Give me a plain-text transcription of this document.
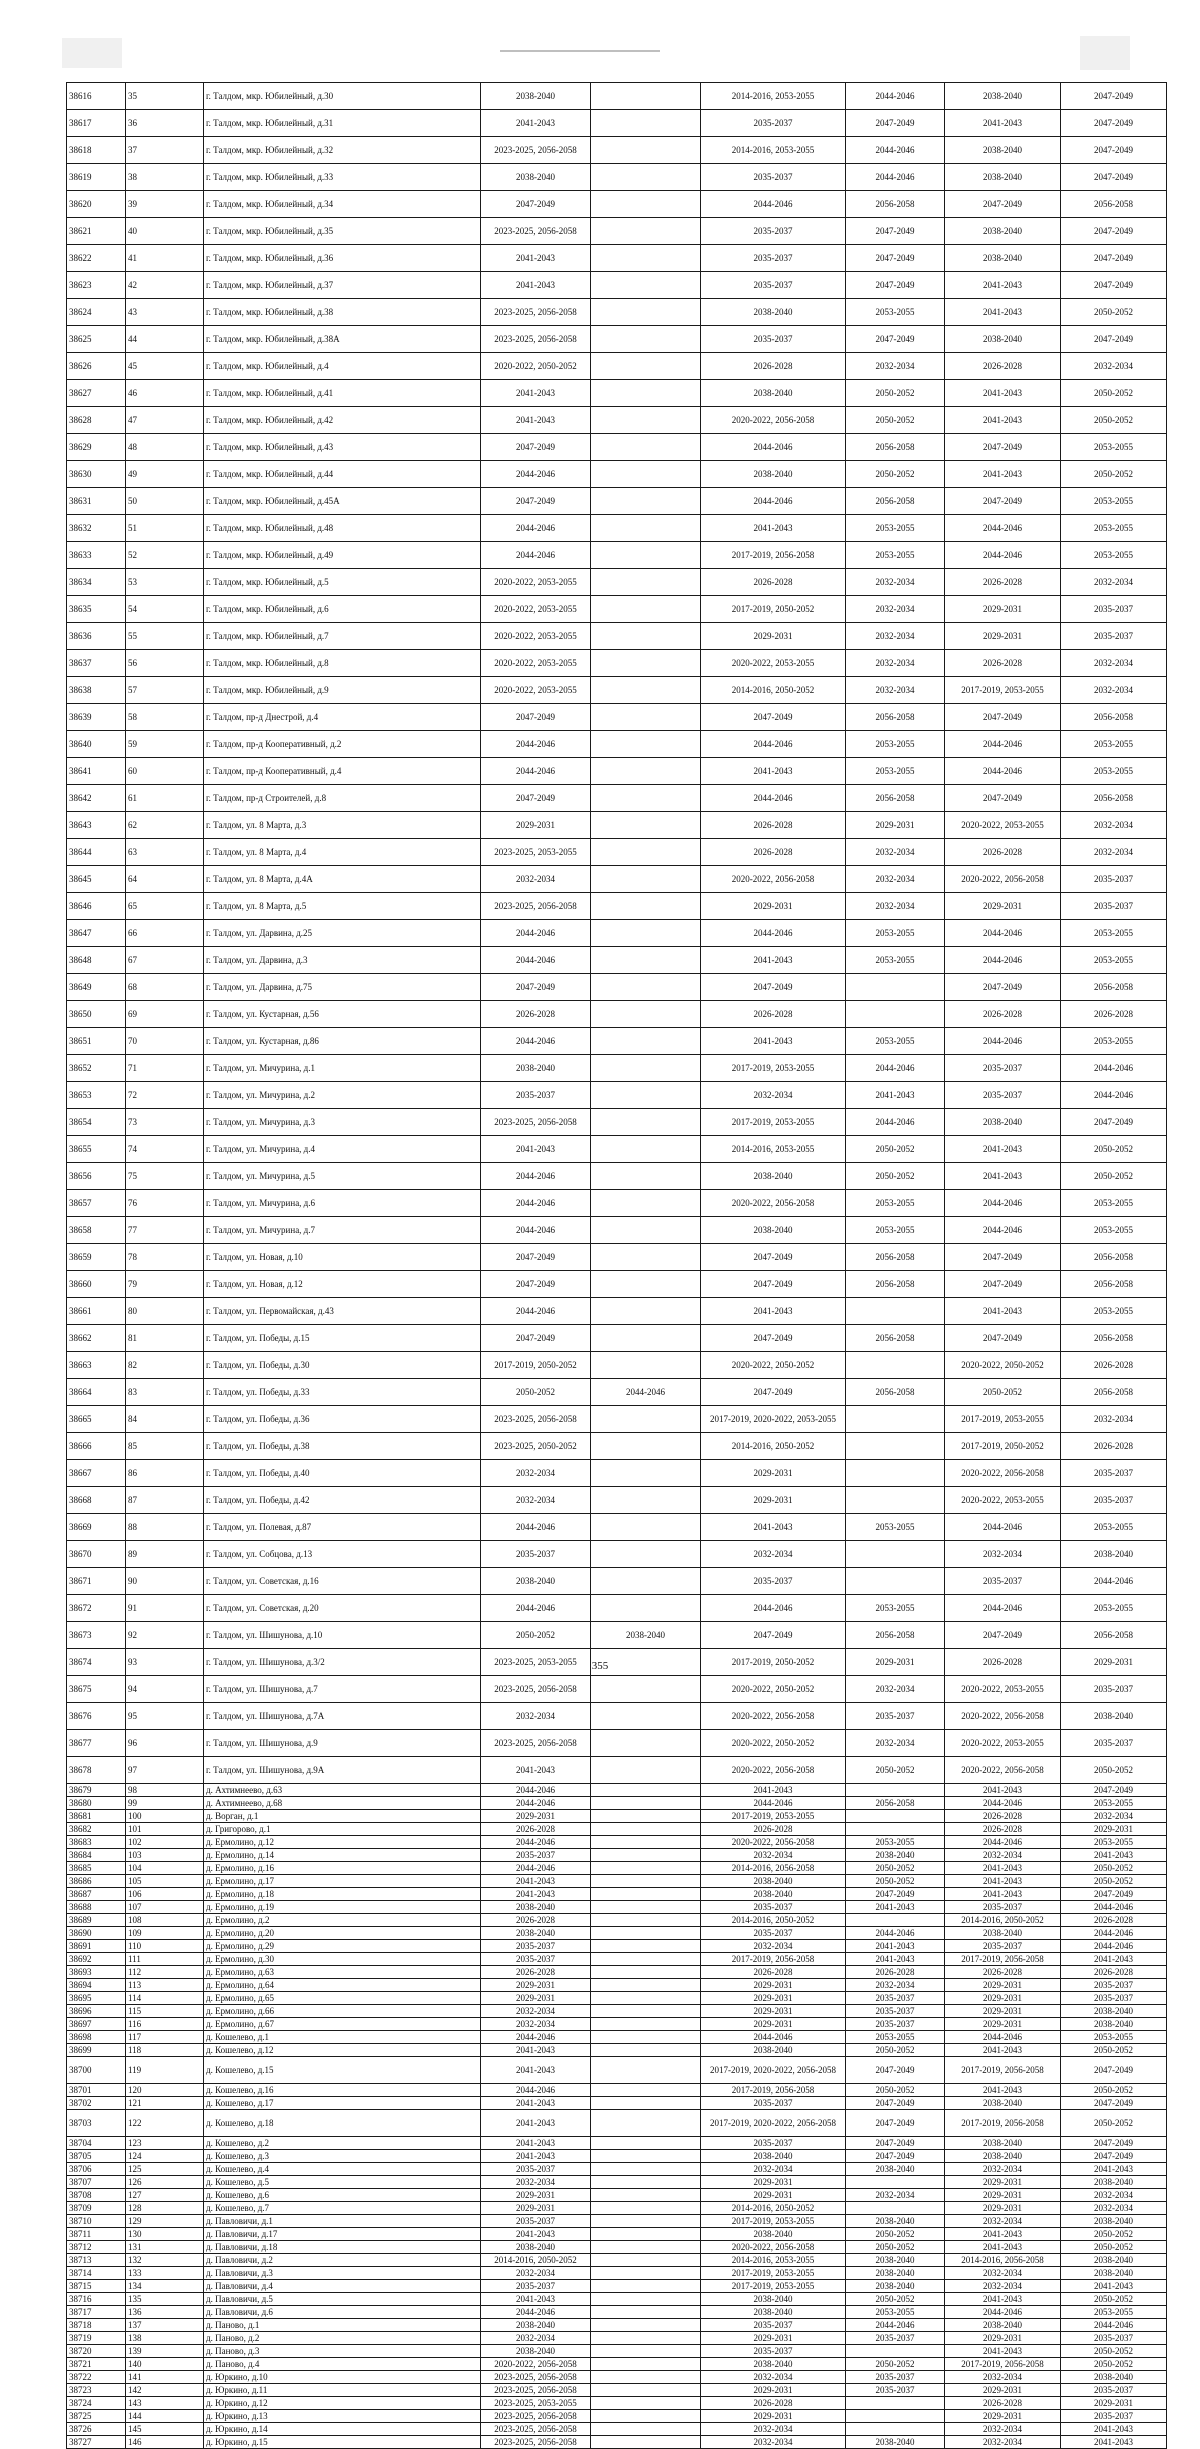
38616	35	г. Талдом, мкр. Юбилейный, д.30	2038-2040		2014-2016, 2053-2055	2044-2046	2038-2040	2047-2049
38617	36	г. Талдом, мкр. Юбилейный, д.31	2041-2043		2035-2037	2047-2049	2041-2043	2047-2049
38618	37	г. Талдом, мкр. Юбилейный, д.32	2023-2025, 2056-2058		2014-2016, 2053-2055	2044-2046	2038-2040	2047-2049
38619	38	г. Талдом, мкр. Юбилейный, д.33	2038-2040		2035-2037	2044-2046	2038-2040	2047-2049
38620	39	г. Талдом, мкр. Юбилейный, д.34	2047-2049		2044-2046	2056-2058	2047-2049	2056-2058
38621	40	г. Талдом, мкр. Юбилейный, д.35	2023-2025, 2056-2058		2035-2037	2047-2049	2038-2040	2047-2049
38622	41	г. Талдом, мкр. Юбилейный, д.36	2041-2043		2035-2037	2047-2049	2038-2040	2047-2049
38623	42	г. Талдом, мкр. Юбилейный, д.37	2041-2043		2035-2037	2047-2049	2041-2043	2047-2049
38624	43	г. Талдом, мкр. Юбилейный, д.38	2023-2025, 2056-2058		2038-2040	2053-2055	2041-2043	2050-2052
38625	44	г. Талдом, мкр. Юбилейный, д.38А	2023-2025, 2056-2058		2035-2037	2047-2049	2038-2040	2047-2049
38626	45	г. Талдом, мкр. Юбилейный, д.4	2020-2022, 2050-2052		2026-2028	2032-2034	2026-2028	2032-2034
38627	46	г. Талдом, мкр. Юбилейный, д.41	2041-2043		2038-2040	2050-2052	2041-2043	2050-2052
38628	47	г. Талдом, мкр. Юбилейный, д.42	2041-2043		2020-2022, 2056-2058	2050-2052	2041-2043	2050-2052
38629	48	г. Талдом, мкр. Юбилейный, д.43	2047-2049		2044-2046	2056-2058	2047-2049	2053-2055
38630	49	г. Талдом, мкр. Юбилейный, д.44	2044-2046		2038-2040	2050-2052	2041-2043	2050-2052
38631	50	г. Талдом, мкр. Юбилейный, д.45А	2047-2049		2044-2046	2056-2058	2047-2049	2053-2055
38632	51	г. Талдом, мкр. Юбилейный, д.48	2044-2046		2041-2043	2053-2055	2044-2046	2053-2055
38633	52	г. Талдом, мкр. Юбилейный, д.49	2044-2046		2017-2019, 2056-2058	2053-2055	2044-2046	2053-2055
38634	53	г. Талдом, мкр. Юбилейный, д.5	2020-2022, 2053-2055		2026-2028	2032-2034	2026-2028	2032-2034
38635	54	г. Талдом, мкр. Юбилейный, д.6	2020-2022, 2053-2055		2017-2019, 2050-2052	2032-2034	2029-2031	2035-2037
38636	55	г. Талдом, мкр. Юбилейный, д.7	2020-2022, 2053-2055		2029-2031	2032-2034	2029-2031	2035-2037
38637	56	г. Талдом, мкр. Юбилейный, д.8	2020-2022, 2053-2055		2020-2022, 2053-2055	2032-2034	2026-2028	2032-2034
38638	57	г. Талдом, мкр. Юбилейный, д.9	2020-2022, 2053-2055		2014-2016, 2050-2052	2032-2034	2017-2019, 2053-2055	2032-2034
38639	58	г. Талдом, пр-д Днестрой, д.4	2047-2049		2047-2049	2056-2058	2047-2049	2056-2058
38640	59	г. Талдом, пр-д Кооперативный, д.2	2044-2046		2044-2046	2053-2055	2044-2046	2053-2055
38641	60	г. Талдом, пр-д Кооперативный, д.4	2044-2046		2041-2043	2053-2055	2044-2046	2053-2055
38642	61	г. Талдом, пр-д Строителей, д.8	2047-2049		2044-2046	2056-2058	2047-2049	2056-2058
38643	62	г. Талдом, ул. 8 Марта, д.3	2029-2031		2026-2028	2029-2031	2020-2022, 2053-2055	2032-2034
38644	63	г. Талдом, ул. 8 Марта, д.4	2023-2025, 2053-2055		2026-2028	2032-2034	2026-2028	2032-2034
38645	64	г. Талдом, ул. 8 Марта, д.4А	2032-2034		2020-2022, 2056-2058	2032-2034	2020-2022, 2056-2058	2035-2037
38646	65	г. Талдом, ул. 8 Марта, д.5	2023-2025, 2056-2058		2029-2031	2032-2034	2029-2031	2035-2037
38647	66	г. Талдом, ул. Дарвина, д.25	2044-2046		2044-2046	2053-2055	2044-2046	2053-2055
38648	67	г. Талдом, ул. Дарвина, д.3	2044-2046		2041-2043	2053-2055	2044-2046	2053-2055
38649	68	г. Талдом, ул. Дарвина, д.75	2047-2049		2047-2049		2047-2049	2056-2058
38650	69	г. Талдом, ул. Кустарная, д.56	2026-2028		2026-2028		2026-2028	2026-2028
38651	70	г. Талдом, ул. Кустарная, д.86	2044-2046		2041-2043	2053-2055	2044-2046	2053-2055
38652	71	г. Талдом, ул. Мичурина, д.1	2038-2040		2017-2019, 2053-2055	2044-2046	2035-2037	2044-2046
38653	72	г. Талдом, ул. Мичурина, д.2	2035-2037		2032-2034	2041-2043	2035-2037	2044-2046
38654	73	г. Талдом, ул. Мичурина, д.3	2023-2025, 2056-2058		2017-2019, 2053-2055	2044-2046	2038-2040	2047-2049
38655	74	г. Талдом, ул. Мичурина, д.4	2041-2043		2014-2016, 2053-2055	2050-2052	2041-2043	2050-2052
38656	75	г. Талдом, ул. Мичурина, д.5	2044-2046		2038-2040	2050-2052	2041-2043	2050-2052
38657	76	г. Талдом, ул. Мичурина, д.6	2044-2046		2020-2022, 2056-2058	2053-2055	2044-2046	2053-2055
38658	77	г. Талдом, ул. Мичурина, д.7	2044-2046		2038-2040	2053-2055	2044-2046	2053-2055
38659	78	г. Талдом, ул. Новая, д.10	2047-2049		2047-2049	2056-2058	2047-2049	2056-2058
38660	79	г. Талдом, ул. Новая, д.12	2047-2049		2047-2049	2056-2058	2047-2049	2056-2058
38661	80	г. Талдом, ул. Первомайская, д.43	2044-2046		2041-2043		2041-2043	2053-2055
38662	81	г. Талдом, ул. Победы, д.15	2047-2049		2047-2049	2056-2058	2047-2049	2056-2058
38663	82	г. Талдом, ул. Победы, д.30	2017-2019, 2050-2052		2020-2022, 2050-2052		2020-2022, 2050-2052	2026-2028
38664	83	г. Талдом, ул. Победы, д.33	2050-2052	2044-2046	2047-2049	2056-2058	2050-2052	2056-2058
38665	84	г. Талдом, ул. Победы, д.36	2023-2025, 2056-2058		2017-2019, 2020-2022, 2053-2055		2017-2019, 2053-2055	2032-2034
38666	85	г. Талдом, ул. Победы, д.38	2023-2025, 2050-2052		2014-2016, 2050-2052		2017-2019, 2050-2052	2026-2028
38667	86	г. Талдом, ул. Победы, д.40	2032-2034		2029-2031		2020-2022, 2056-2058	2035-2037
38668	87	г. Талдом, ул. Победы, д.42	2032-2034		2029-2031		2020-2022, 2053-2055	2035-2037
38669	88	г. Талдом, ул. Полевая, д.87	2044-2046		2041-2043	2053-2055	2044-2046	2053-2055
38670	89	г. Талдом, ул. Собцова, д.13	2035-2037		2032-2034		2032-2034	2038-2040
38671	90	г. Талдом, ул. Советская, д.16	2038-2040		2035-2037		2035-2037	2044-2046
38672	91	г. Талдом, ул. Советская, д.20	2044-2046		2044-2046	2053-2055	2044-2046	2053-2055
38673	92	г. Талдом, ул. Шишунова, д.10	2050-2052	2038-2040	2047-2049	2056-2058	2047-2049	2056-2058
38674	93	г. Талдом, ул. Шишунова, д.3/2	2023-2025, 2053-2055		2017-2019, 2050-2052	2029-2031	2026-2028	2029-2031
38675	94	г. Талдом, ул. Шишунова, д.7	2023-2025, 2056-2058		2020-2022, 2050-2052	2032-2034	2020-2022, 2053-2055	2035-2037
38676	95	г. Талдом, ул. Шишунова, д.7А	2032-2034		2020-2022, 2056-2058	2035-2037	2020-2022, 2056-2058	2038-2040
38677	96	г. Талдом, ул. Шишунова, д.9	2023-2025, 2056-2058		2020-2022, 2050-2052	2032-2034	2020-2022, 2053-2055	2035-2037
38678	97	г. Талдом, ул. Шишунова, д.9А	2041-2043		2020-2022, 2056-2058	2050-2052	2020-2022, 2056-2058	2050-2052
38679	98	д. Ахтимнеево, д.63	2044-2046		2041-2043		2041-2043	2047-2049
38680	99	д. Ахтимнеево, д.68	2044-2046		2044-2046	2056-2058	2044-2046	2053-2055
38681	100	д. Ворган, д.1	2029-2031		2017-2019, 2053-2055		2026-2028	2032-2034
38682	101	д. Григорово, д.1	2026-2028		2026-2028		2026-2028	2029-2031
38683	102	д. Ермолино, д.12	2044-2046		2020-2022, 2056-2058	2053-2055	2044-2046	2053-2055
38684	103	д. Ермолино, д.14	2035-2037		2032-2034	2038-2040	2032-2034	2041-2043
38685	104	д. Ермолино, д.16	2044-2046		2014-2016, 2056-2058	2050-2052	2041-2043	2050-2052
38686	105	д. Ермолино, д.17	2041-2043		2038-2040	2050-2052	2041-2043	2050-2052
38687	106	д. Ермолино, д.18	2041-2043		2038-2040	2047-2049	2041-2043	2047-2049
38688	107	д. Ермолино, д.19	2038-2040		2035-2037	2041-2043	2035-2037	2044-2046
38689	108	д. Ермолино, д.2	2026-2028		2014-2016, 2050-2052		2014-2016, 2050-2052	2026-2028
38690	109	д. Ермолино, д.20	2038-2040		2035-2037	2044-2046	2038-2040	2044-2046
38691	110	д. Ермолино, д.29	2035-2037		2032-2034	2041-2043	2035-2037	2044-2046
38692	111	д. Ермолино, д.30	2035-2037		2017-2019, 2056-2058	2041-2043	2017-2019, 2056-2058	2041-2043
38693	112	д. Ермолино, д.63	2026-2028		2026-2028	2026-2028	2026-2028	2026-2028
38694	113	д. Ермолино, д.64	2029-2031		2029-2031	2032-2034	2029-2031	2035-2037
38695	114	д. Ермолино, д.65	2029-2031		2029-2031	2035-2037	2029-2031	2035-2037
38696	115	д. Ермолино, д.66	2032-2034		2029-2031	2035-2037	2029-2031	2038-2040
38697	116	д. Ермолино, д.67	2032-2034		2029-2031	2035-2037	2029-2031	2038-2040
38698	117	д. Кошелево, д.1	2044-2046		2044-2046	2053-2055	2044-2046	2053-2055
38699	118	д. Кошелево, д.12	2041-2043		2038-2040	2050-2052	2041-2043	2050-2052
38700	119	д. Кошелево, д.15	2041-2043		2017-2019, 2020-2022, 2056-2058	2047-2049	2017-2019, 2056-2058	2047-2049
38701	120	д. Кошелево, д.16	2044-2046		2017-2019, 2056-2058	2050-2052	2041-2043	2050-2052
38702	121	д. Кошелево, д.17	2041-2043		2035-2037	2047-2049	2038-2040	2047-2049
38703	122	д. Кошелево, д.18	2041-2043		2017-2019, 2020-2022, 2056-2058	2047-2049	2017-2019, 2056-2058	2050-2052
38704	123	д. Кошелево, д.2	2041-2043		2035-2037	2047-2049	2038-2040	2047-2049
38705	124	д. Кошелево, д.3	2041-2043		2038-2040	2047-2049	2038-2040	2047-2049
38706	125	д. Кошелево, д.4	2035-2037		2032-2034	2038-2040	2032-2034	2041-2043
38707	126	д. Кошелево, д.5	2032-2034		2029-2031		2029-2031	2038-2040
38708	127	д. Кошелево, д.6	2029-2031		2029-2031	2032-2034	2029-2031	2032-2034
38709	128	д. Кошелево, д.7	2029-2031		2014-2016, 2050-2052		2029-2031	2032-2034
38710	129	д. Павловичи, д.1	2035-2037		2017-2019, 2053-2055	2038-2040	2032-2034	2038-2040
38711	130	д. Павловичи, д.17	2041-2043		2038-2040	2050-2052	2041-2043	2050-2052
38712	131	д. Павловичи, д.18	2038-2040		2020-2022, 2056-2058	2050-2052	2041-2043	2050-2052
38713	132	д. Павловичи, д.2	2014-2016, 2050-2052		2014-2016, 2053-2055	2038-2040	2014-2016, 2056-2058	2038-2040
38714	133	д. Павловичи, д.3	2032-2034		2017-2019, 2053-2055	2038-2040	2032-2034	2038-2040
38715	134	д. Павловичи, д.4	2035-2037		2017-2019, 2053-2055	2038-2040	2032-2034	2041-2043
38716	135	д. Павловичи, д.5	2041-2043		2038-2040	2050-2052	2041-2043	2050-2052
38717	136	д. Павловичи, д.6	2044-2046		2038-2040	2053-2055	2044-2046	2053-2055
38718	137	д. Паново, д.1	2038-2040		2035-2037	2044-2046	2038-2040	2044-2046
38719	138	д. Паново, д.2	2032-2034		2029-2031	2035-2037	2029-2031	2035-2037
38720	139	д. Паново, д.3	2038-2040		2035-2037		2041-2043	2050-2052
38721	140	д. Паново, д.4	2020-2022, 2056-2058		2038-2040	2050-2052	2017-2019, 2056-2058	2050-2052
38722	141	д. Юркино, д.10	2023-2025, 2056-2058		2032-2034	2035-2037	2032-2034	2038-2040
38723	142	д. Юркино, д.11	2023-2025, 2056-2058		2029-2031	2035-2037	2029-2031	2035-2037
38724	143	д. Юркино, д.12	2023-2025, 2053-2055		2026-2028		2026-2028	2029-2031
38725	144	д. Юркино, д.13	2023-2025, 2056-2058		2029-2031		2029-2031	2035-2037
38726	145	д. Юркино, д.14	2023-2025, 2056-2058		2032-2034		2032-2034	2041-2043
38727	146	д. Юркино, д.15	2023-2025, 2056-2058		2032-2034	2038-2040	2032-2034	2041-2043
355
